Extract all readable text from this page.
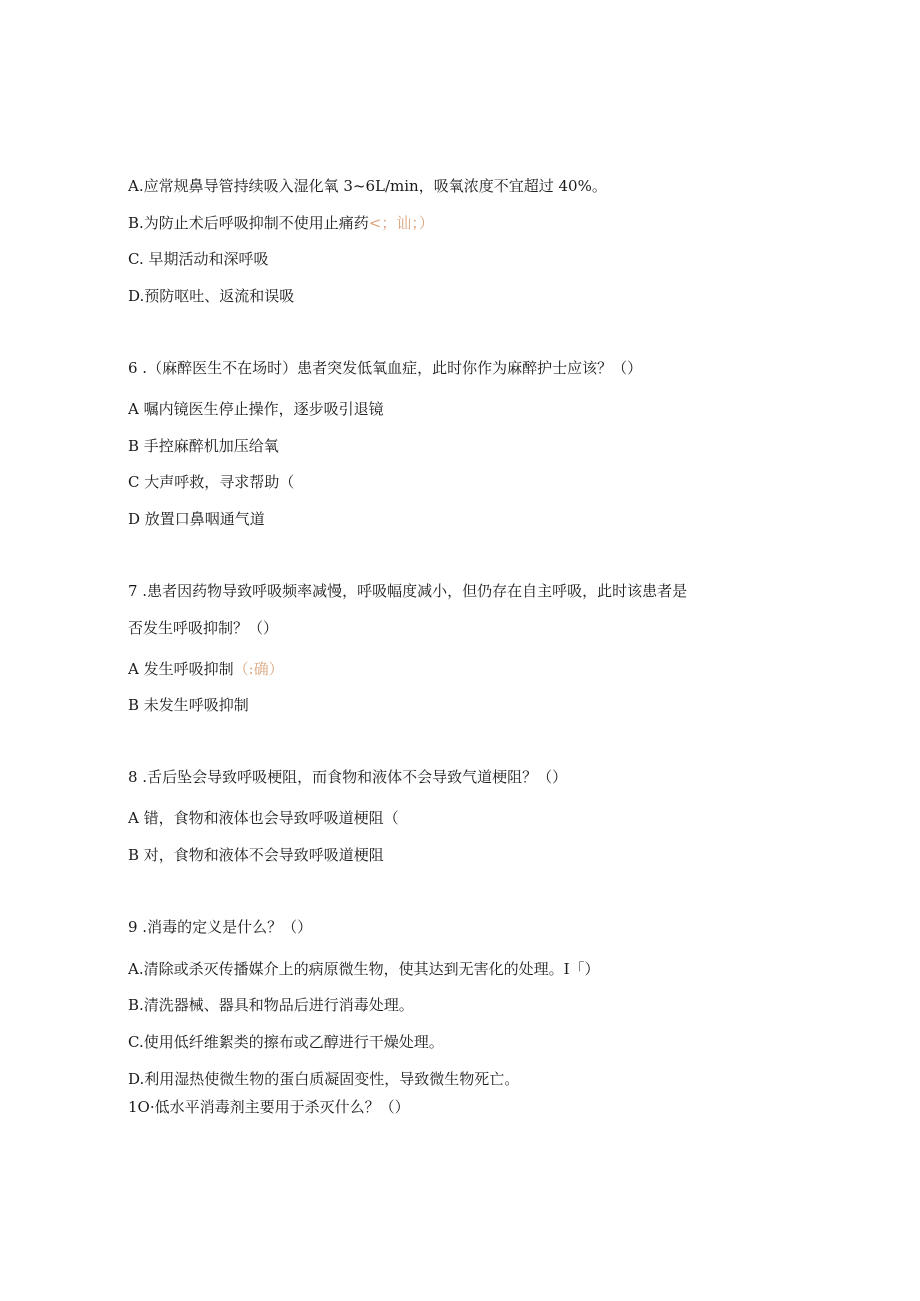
A.应常规鼻导管持续吸入湿化氧 3~6L/min，吸氧浓度不宜超过 40%。
B.为防止术后呼吸抑制不使用止痛药<；讪；）
C. 早期活动和深呼吸
D.预防呕吐、返流和误吸
6 .（麻醉医生不在场时）患者突发低氧血症，此时你作为麻醉护士应该？（）
A 嘱内镜医生停止操作，逐步吸引退镜
B 手控麻醉机加压给氧
C 大声呼救，寻求帮助（
D 放置口鼻咽通气道
7 .患者因药物导致呼吸频率减慢，呼吸幅度减小，但仍存在自主呼吸，此时该患者是
否发生呼吸抑制？（）
A 发生呼吸抑制（:确）
B 未发生呼吸抑制
8 .舌后坠会导致呼吸梗阻，而食物和液体不会导致气道梗阻？（）
A 错，食物和液体也会导致呼吸道梗阻（
B 对，食物和液体不会导致呼吸道梗阻
9 .消毒的定义是什么？（）
A.清除或杀灭传播媒介上的病原微生物，使其达到无害化的处理。I「）
B.清洗器械、器具和物品后进行消毒处理。
C.使用低纤维絮类的擦布或乙醇进行干燥处理。
D.利用湿热使微生物的蛋白质凝固变性，导致微生物死亡。
1O·低水平消毒剂主要用于杀灭什么？（）
